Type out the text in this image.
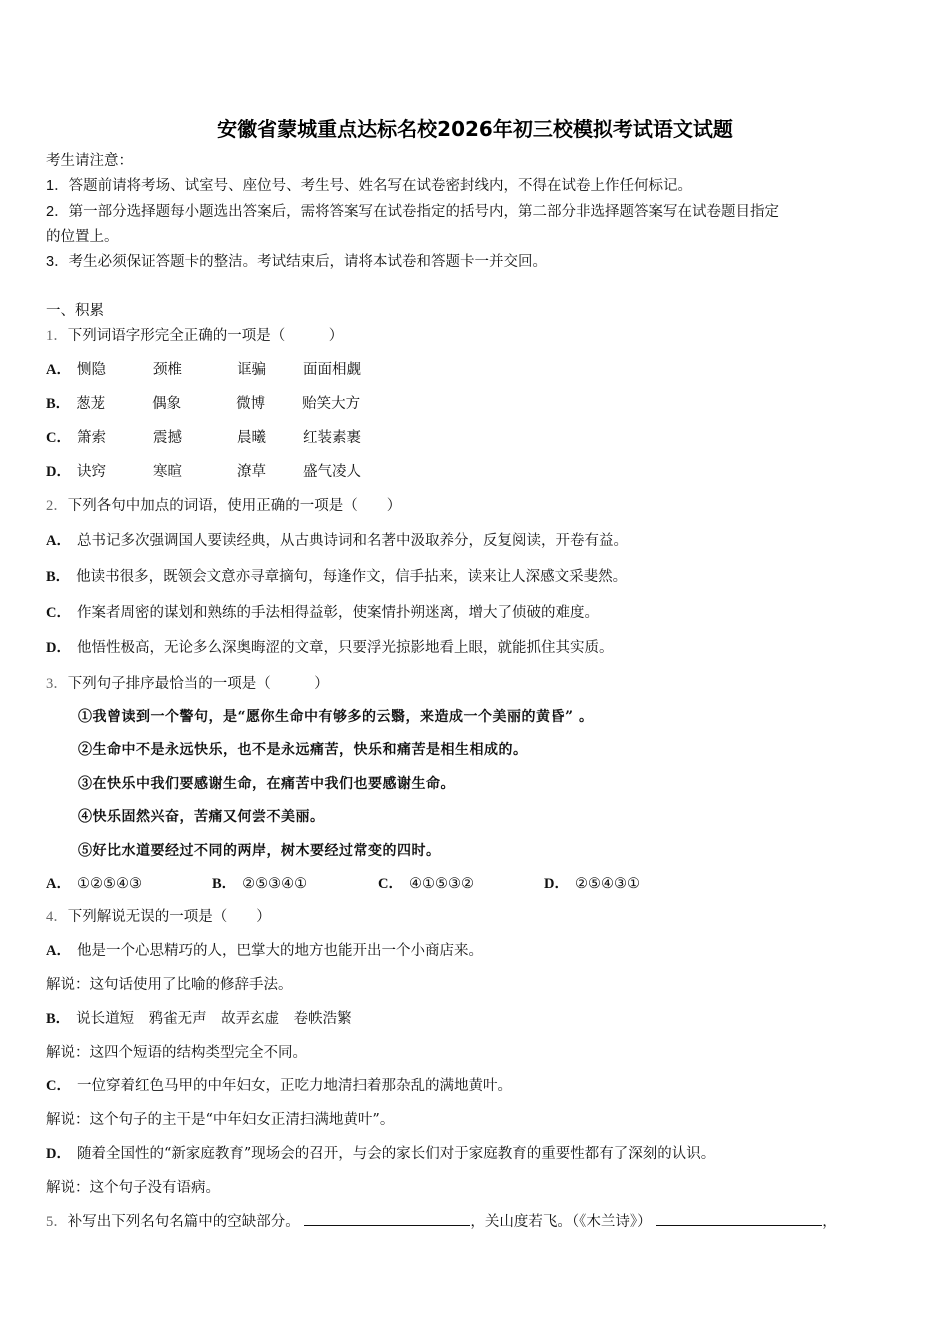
安徽省蒙城重点达标名校2026年初三校模拟考试语文试题
考生请注意：
1．答题前请将考场、试室号、座位号、考生号、姓名写在试卷密封线内，不得在试卷上作任何标记。
2．第一部分选择题每小题选出答案后，需将答案写在试卷指定的括号内，第二部分非选择题答案写在试卷题目指定
的位置上。
3．考生必须保证答题卡的整洁。考试结束后，请将本试卷和答题卡一并交回。
一、积累
1．下列词语字形完全正确的一项是（　　　）
A． 恻隐	颈椎	诓骗	面面相觑
B． 葱茏	偶象	微博	贻笑大方
C． 箫索	震撼	晨曦	红装素裹
D． 诀窍	寒暄	潦草	盛气凌人
2．下列各句中加点的词语，使用正确的一项是（　　）
A． 总书记多次强调国人要读经典，从古典诗词和名著中汲取养分，反复阅读，开卷有益。
B． 他读书很多，既领会文意亦寻章摘句，每逢作文，信手拈来，读来让人深感文采斐然。
C． 作案者周密的谋划和熟练的手法相得益彰，使案情扑朔迷离，增大了侦破的难度。
D． 他悟性极高，无论多么深奥晦涩的文章，只要浮光掠影地看上眼，就能抓住其实质。
3．下列句子排序最恰当的一项是（　　　）
①我曾读到一个警句，是“愿你生命中有够多的云翳，来造成一个美丽的黄昏” 。
②生命中不是永远快乐，也不是永远痛苦，快乐和痛苦是相生相成的。
③在快乐中我们要感谢生命，在痛苦中我们也要感谢生命。
④快乐固然兴奋，苦痛又何尝不美丽。
⑤好比水道要经过不同的两岸，树木要经过常变的四时。
A． ①②⑤④③	B． ②⑤③④①	C． ④①⑤③②	D． ②⑤④③①
4．下列解说无误的一项是（　　）
A． 他是一个心思精巧的人，巴掌大的地方也能开出一个小商店来。
解说：这句话使用了比喻的修辞手法。
B． 说长道短　鸦雀无声　故弄玄虚　卷帙浩繁
解说：这四个短语的结构类型完全不同。
C． 一位穿着红色马甲的中年妇女，正吃力地清扫着那杂乱的满地黄叶。
解说：这个句子的主干是“中年妇女正清扫满地黄叶”。
D． 随着全国性的“新家庭教育”现场会的召开，与会的家长们对于家庭教育的重要性都有了深刻的认识。
解说：这个句子没有语病。
5．补写出下列名句名篇中的空缺部分。	，关山度若飞。（《木兰诗》）	，
